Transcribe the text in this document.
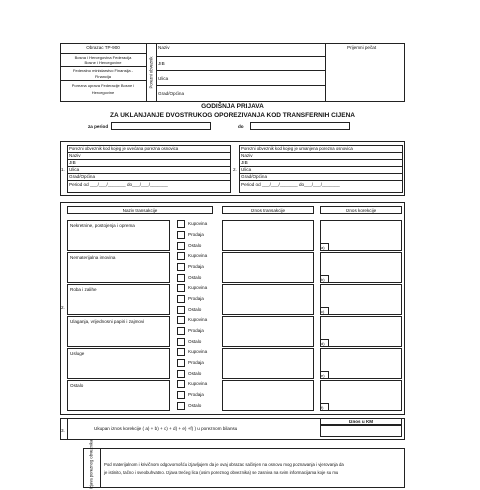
Obrazac TP-900
Bosna i Hercegovina Federacija
Bosne i Hercegovine
Federalno ministarstvo Finansija -
Financija
Porezna uprava Federacije Bosne i
Hercegovine
Porezni obveznik
Naziv
JIB
Ulica
Grad/Općina
Prijemni pečat
GODIŠNJA PRIJAVA
ZA UKLANJANJE DVOSTRUKOG OPOREZIVANJA KOD TRANSFERNIH CIJENA
za period	do
1.
Porezni obveznik kod kojeg je uvećana porezna osnovica
Naziv
JIB
Ulica
Grad/Općina
Period od ___/___/_______ do___/___/_______
2.
Porezni obveznik kod kojeg je umanjena porezna osnovica
Naziv
JIB
Ulica
Grad/Općina
Period od ___/___/_______ do___/___/_______
2.
Naziv transakcije	Iznos transakcije	Iznos korekcije
Nekretnine, postojenja i oprema	Kupovina
Prodaja
Ostalo	a)
Nematerijalna imovina	Kupovina
Prodaja
Ostalo	b)
Roba i zalihe	Kupovina
Prodaja
Ostalo	c)
Ulaganja, vrijednosni papiri i zajmovi	Kupovina
Prodaja
Ostalo	d)
Usluge	Kupovina
Prodaja
Ostalo	e)
Ostalo	Kupovina
Prodaja
Ostalo	f)
3.	Ukupan iznos korekcije ( a) + b) + c) + d) + e) +f) ) u poreznom bilansu
Iznos u KM
Izjava poreznog obveznika Pod materijalnom i krivičnom odgovornošću izjavljujem da je ovaj obrazac sačinjen na osnovu mog poznavanja i vjerovanja da
je istinito, tačno i sveobuhvatno. Izjava trećeg lica (osim poreznog obveznika) se zasniva na svim informacijama koje su mu
